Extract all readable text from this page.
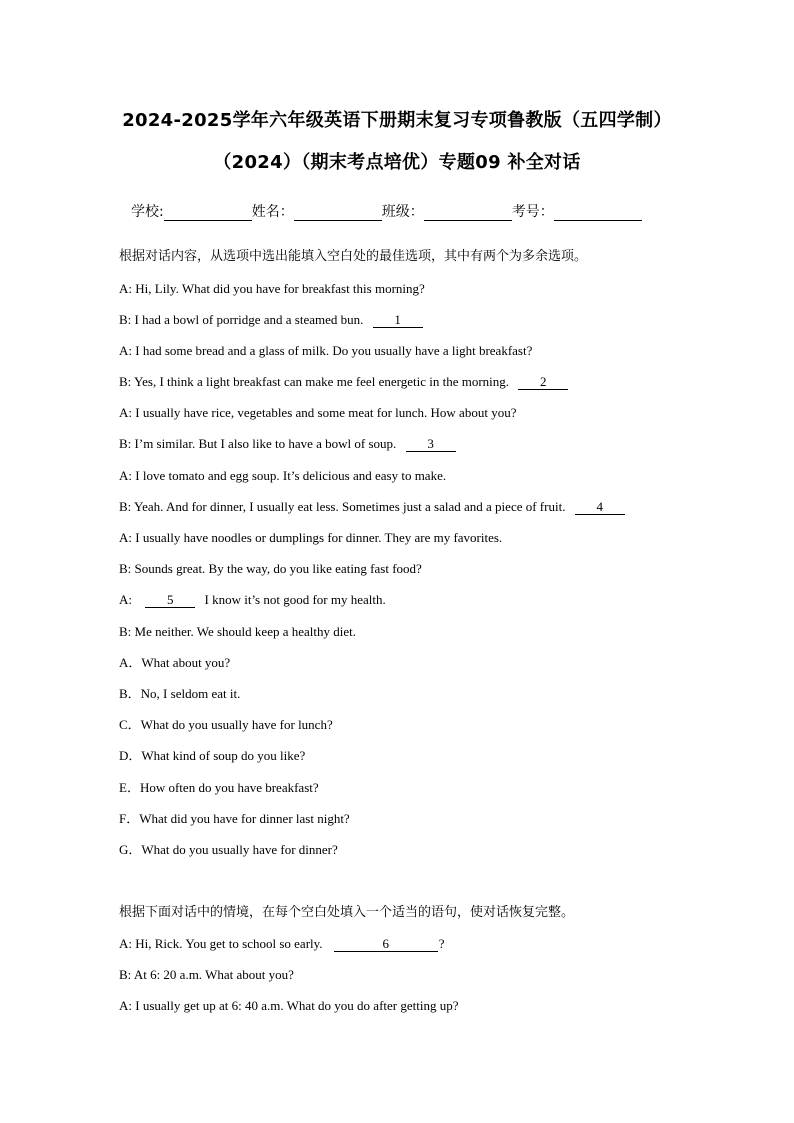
2024-2025学年六年级英语下册期末复习专项鲁教版（五四学制）
（2024）（期末考点培优）专题09 补全对话
学校:	姓名：	班级：	考号：
根据对话内容，从选项中选出能填入空白处的最佳选项，其中有两个为多余选项。
A: Hi, Lily. What did you have for breakfast this morning?
B: I had a bowl of porridge and a steamed bun. 1
A: I had some bread and a glass of milk. Do you usually have a light breakfast?
B: Yes, I think a light breakfast can make me feel energetic in the morning. 2
A: I usually have rice, vegetables and some meat for lunch. How about you?
B: I’m similar. But I also like to have a bowl of soup. 3
A: I love tomato and egg soup. It’s delicious and easy to make.
B: Yeah. And for dinner, I usually eat less. Sometimes just a salad and a piece of fruit. 4
A: I usually have noodles or dumplings for dinner. They are my favorites.
B: Sounds great. By the way, do you like eating fast food?
A:	5 I know it’s not good for my health.
B: Me neither. We should keep a healthy diet.
A．What about you?
B．No, I seldom eat it.
C．What do you usually have for lunch?
D．What kind of soup do you like?
E．How often do you have breakfast?
F．What did you have for dinner last night?
G．What do you usually have for dinner?
根据下面对话中的情境，在每个空白处填入一个适当的语句，使对话恢复完整。
A: Hi, Rick. You get to school so early.	6	?
B: At 6: 20 a.m. What about you?
A: I usually get up at 6: 40 a.m. What do you do after getting up?
